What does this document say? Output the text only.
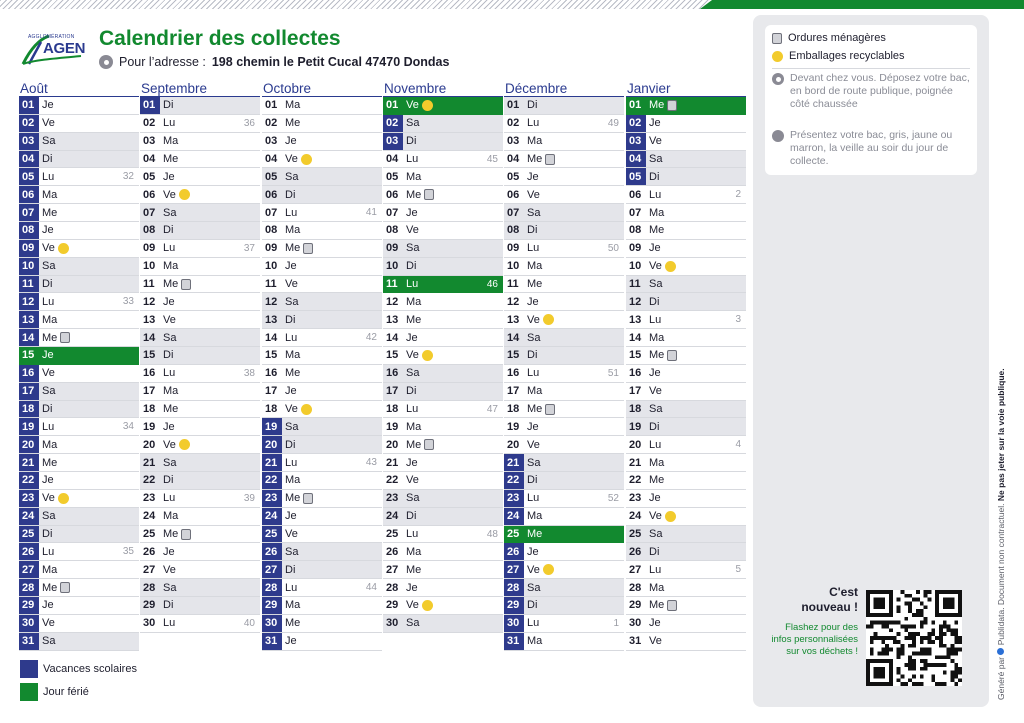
AGGLOMÉRATION
AGEN Calendrier des collectes
Pour l’adresse : 198 chemin le Petit Cucal 47470 Dondas
Août
01 Je
02 Ve
03 Sa
04 Di
05 Lu	32
06 Ma
07 Me
08 Je
09 Ve
10 Sa
11 Di
12 Lu	33
13 Ma
14 Me
15 Je
16 Ve
17 Sa
18 Di
19 Lu	34
20 Ma
21 Me
22 Je
23 Ve
24 Sa
25 Di
26 Lu	35
27 Ma
28 Me
29 Je
30 Ve
31 Sa
Septembre
01 Di
02 Lu	36
03 Ma
04 Me
05 Je
06 Ve
07 Sa
08 Di
09 Lu	37
10 Ma
11 Me
12 Je
13 Ve
14 Sa
15 Di
16 Lu	38
17 Ma
18 Me
19 Je
20 Ve
21 Sa
22 Di
23 Lu	39
24 Ma
25 Me
26 Je
27 Ve
28 Sa
29 Di
30 Lu	40
Octobre
01 Ma
02 Me
03 Je
04 Ve
05 Sa
06 Di
07 Lu	41
08 Ma
09 Me
10 Je
11 Ve
12 Sa
13 Di
14 Lu	42
15 Ma
16 Me
17 Je
18 Ve
19 Sa
20 Di
21 Lu	43
22 Ma
23 Me
24 Je
25 Ve
26 Sa
27 Di
28 Lu	44
29 Ma
30 Me
31 Je
Novembre
01 Ve
02 Sa
03 Di
04 Lu	45
05 Ma
06 Me
07 Je
08 Ve
09 Sa
10 Di
11 Lu	46
12 Ma
13 Me
14 Je
15 Ve
16 Sa
17 Di
18 Lu	47
19 Ma
20 Me
21 Je
22 Ve
23 Sa
24 Di
25 Lu	48
26 Ma
27 Me
28 Je
29 Ve
30 Sa
Décembre
01 Di
02 Lu	49
03 Ma
04 Me
05 Je
06 Ve
07 Sa
08 Di
09 Lu	50
10 Ma
11 Me
12 Je
13 Ve
14 Sa
15 Di
16 Lu	51
17 Ma
18 Me
19 Je
20 Ve
21 Sa
22 Di
23 Lu	52
24 Ma
25 Me
26 Je
27 Ve
28 Sa
29 Di
30 Lu	1
31 Ma
Janvier
01 Me
02 Je
03 Ve
04 Sa
05 Di
06 Lu	2
07 Ma
08 Me
09 Je
10 Ve
11 Sa
12 Di
13 Lu	3
14 Ma
15 Me
16 Je
17 Ve
18 Sa
19 Di
20 Lu	4
21 Ma
22 Me
23 Je
24 Ve
25 Sa
26 Di
27 Lu	5
28 Ma
29 Me
30 Je
31 Ve
Vacances scolaires
Jour férié
Ordures ménagères
Emballages recyclables
Devant chez vous. Déposez votre bac, en bord de route publique, poignée côté chaussée
Présentez votre bac, gris, jaune ou marron, la veille au soir du jour de collecte.
C'est nouveau !
Flashez pour des infos personnalisées sur vos déchets !
Généré par  Publidata. Document non contractuel. Ne pas jeter sur la voie publique.
